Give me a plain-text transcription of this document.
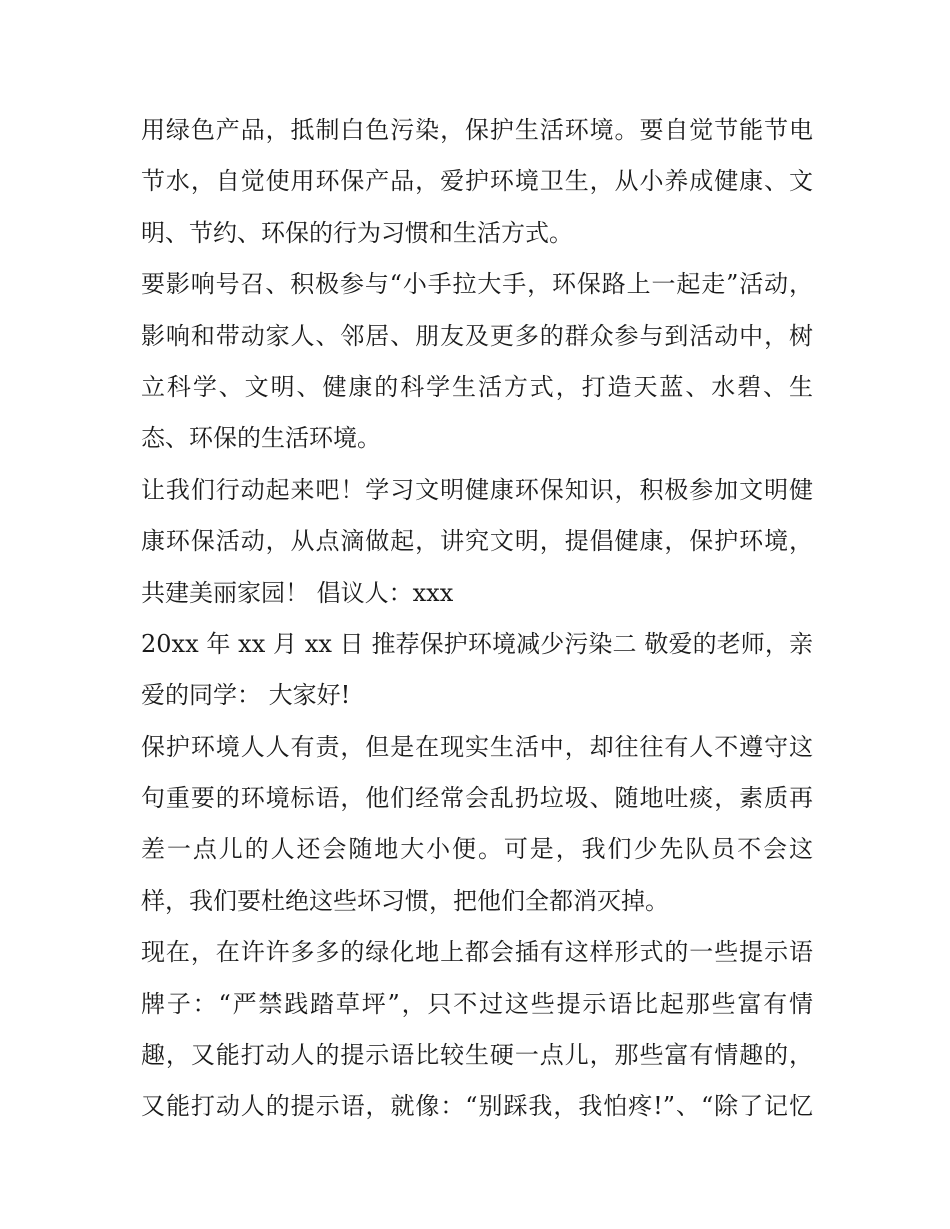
用绿色产品，抵制白色污染，保护生活环境。要自觉节能节电
节水，自觉使用环保产品，爱护环境卫生，从小养成健康、文
明、节约、环保的行为习惯和生活方式。
要影响号召、积极参与“小手拉大手，环保路上一起走”活动，
影响和带动家人、邻居、朋友及更多的群众参与到活动中，树
立科学、文明、健康的科学生活方式，打造天蓝、水碧、生
态、环保的生活环境。
让我们行动起来吧！学习文明健康环保知识，积极参加文明健
康环保活动，从点滴做起，讲究文明，提倡健康，保护环境，
共建美丽家园！ 倡议人：xxx
20xx 年 xx 月 xx 日 推荐保护环境减少污染二 敬爱的老师，亲
爱的同学： 大家好!
保护环境人人有责，但是在现实生活中，却往往有人不遵守这
句重要的环境标语，他们经常会乱扔垃圾、随地吐痰，素质再
差一点儿的人还会随地大小便。可是，我们少先队员不会这
样，我们要杜绝这些坏习惯，把他们全都消灭掉。
现在，在许许多多的绿化地上都会插有这样形式的一些提示语
牌子：“严禁践踏草坪”，只不过这些提示语比起那些富有情
趣，又能打动人的提示语比较生硬一点儿，那些富有情趣的，
又能打动人的提示语，就像：“别踩我，我怕疼!”、“除了记忆
